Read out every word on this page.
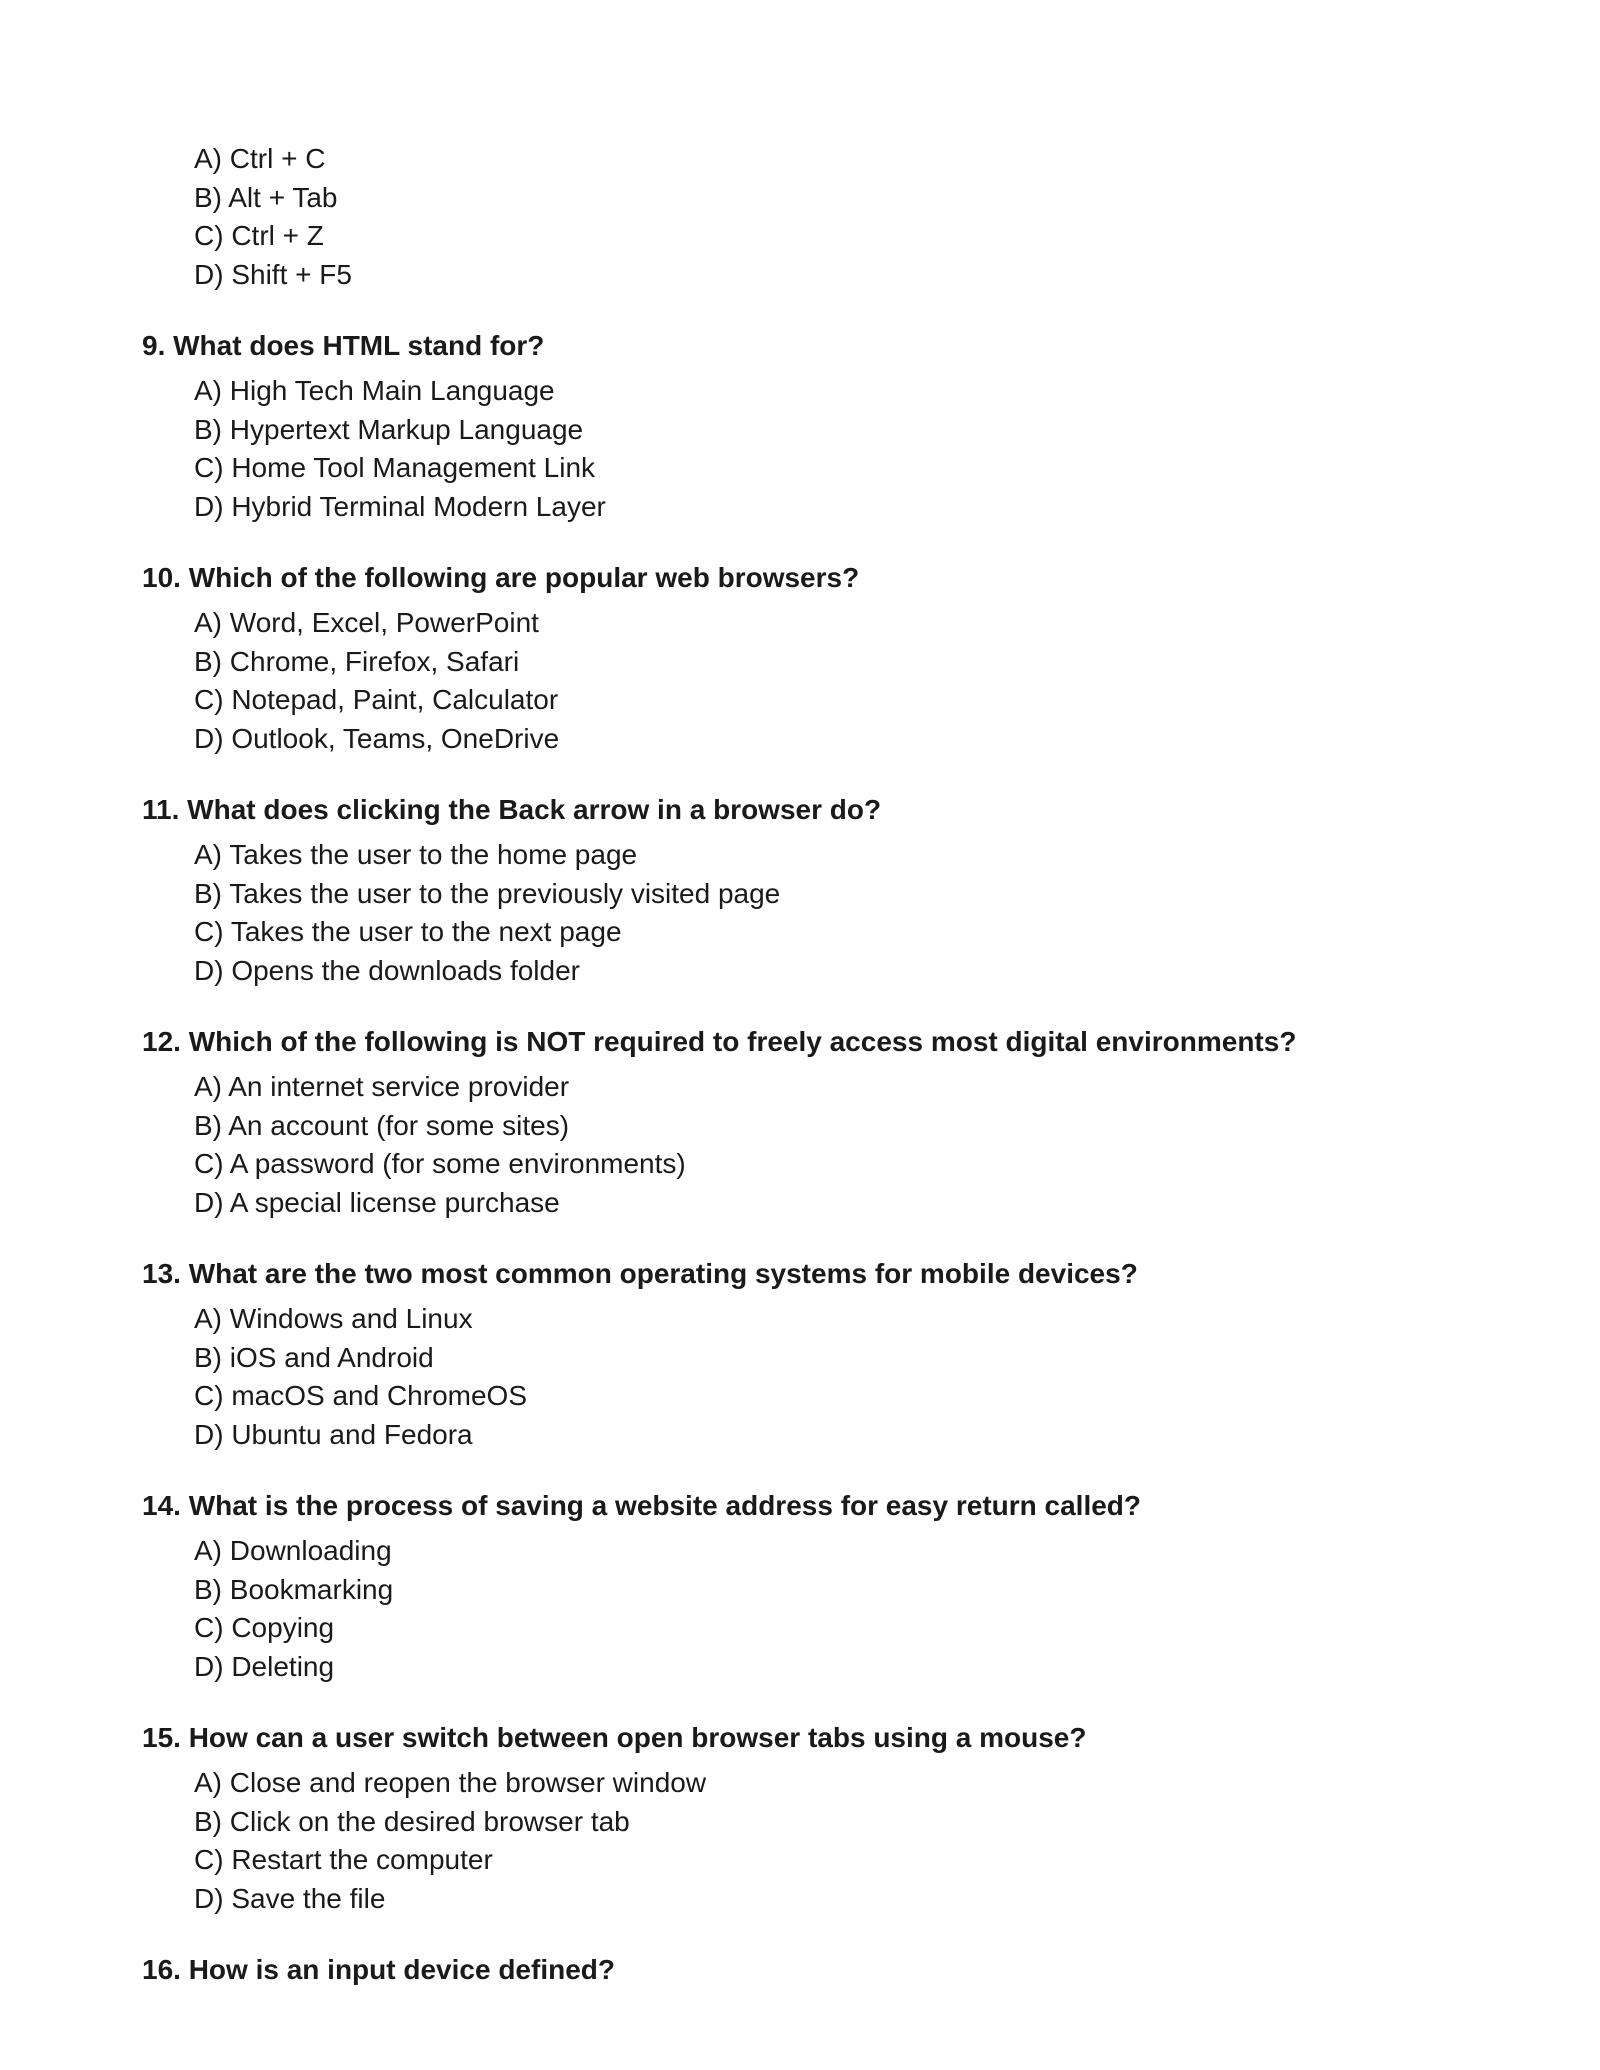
A) Ctrl + C
B) Alt + Tab
C) Ctrl + Z
D) Shift + F5
9. What does HTML stand for?
A) High Tech Main Language
B) Hypertext Markup Language
C) Home Tool Management Link
D) Hybrid Terminal Modern Layer
10. Which of the following are popular web browsers?
A) Word, Excel, PowerPoint
B) Chrome, Firefox, Safari
C) Notepad, Paint, Calculator
D) Outlook, Teams, OneDrive
11. What does clicking the Back arrow in a browser do?
A) Takes the user to the home page
B) Takes the user to the previously visited page
C) Takes the user to the next page
D) Opens the downloads folder
12. Which of the following is NOT required to freely access most digital environments?
A) An internet service provider
B) An account (for some sites)
C) A password (for some environments)
D) A special license purchase
13. What are the two most common operating systems for mobile devices?
A) Windows and Linux
B) iOS and Android
C) macOS and ChromeOS
D) Ubuntu and Fedora
14. What is the process of saving a website address for easy return called?
A) Downloading
B) Bookmarking
C) Copying
D) Deleting
15. How can a user switch between open browser tabs using a mouse?
A) Close and reopen the browser window
B) Click on the desired browser tab
C) Restart the computer
D) Save the file
16. How is an input device defined?
